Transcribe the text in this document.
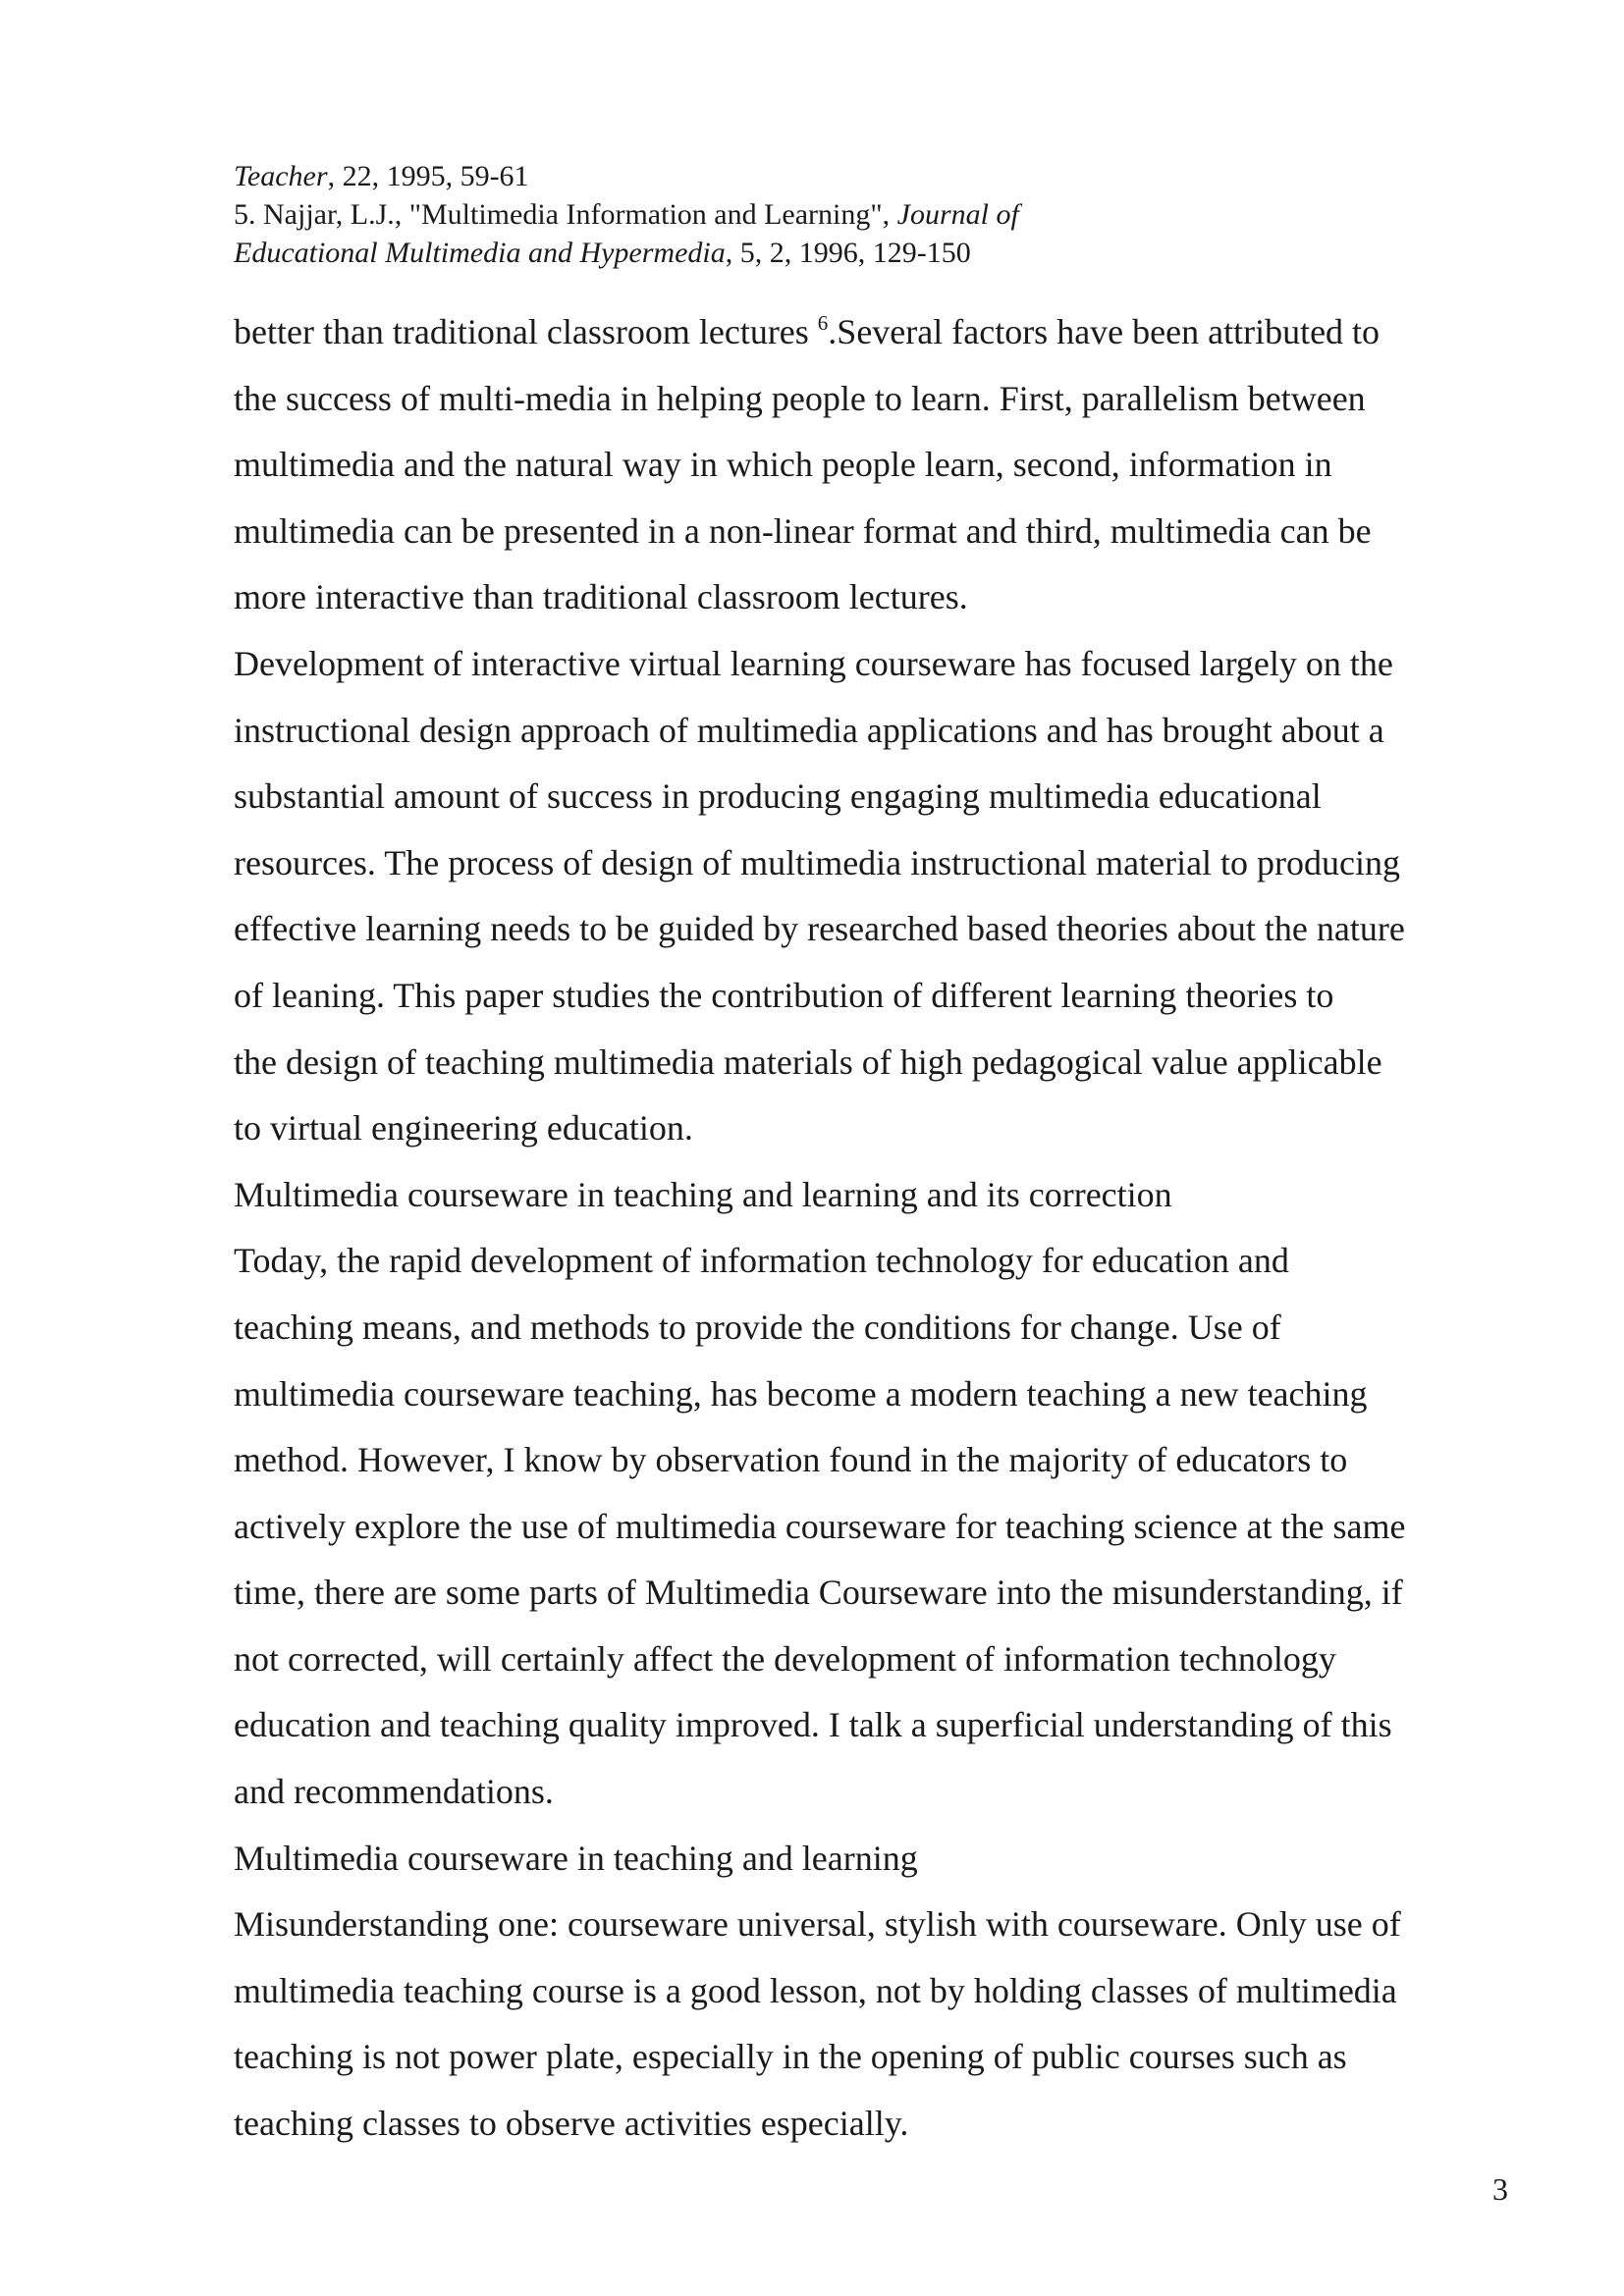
Teacher, 22, 1995, 59-61
5. Najjar, L.J., "Multimedia Information and Learning", Journal of
Educational Multimedia and Hypermedia, 5, 2, 1996, 129-150
better than traditional classroom lectures $^6$.Several factors have been attributed to
the success of multi-media in helping people to learn. First, parallelism between
multimedia and the natural way in which people learn, second, information in
multimedia can be presented in a non-linear format and third, multimedia can be
more interactive than traditional classroom lectures.
Development of interactive virtual learning courseware has focused largely on the
instructional design approach of multimedia applications and has brought about a
substantial amount of success in producing engaging multimedia educational
resources. The process of design of multimedia instructional material to producing
effective learning needs to be guided by researched based theories about the nature
of leaning. This paper studies the contribution of different learning theories to
the design of teaching multimedia materials of high pedagogical value applicable
to virtual engineering education.
Multimedia courseware in teaching and learning and its correction
Today, the rapid development of information technology for education and
teaching means, and methods to provide the conditions for change. Use of
multimedia courseware teaching, has become a modern teaching a new teaching
method. However, I know by observation found in the majority of educators to
actively explore the use of multimedia courseware for teaching science at the same
time, there are some parts of Multimedia Courseware into the misunderstanding, if
not corrected, will certainly affect the development of information technology
education and teaching quality improved. I talk a superficial understanding of this
and recommendations.
Multimedia courseware in teaching and learning
Misunderstanding one: courseware universal, stylish with courseware. Only use of
multimedia teaching course is a good lesson, not by holding classes of multimedia
teaching is not power plate, especially in the opening of public courses such as
teaching classes to observe activities especially.
3
